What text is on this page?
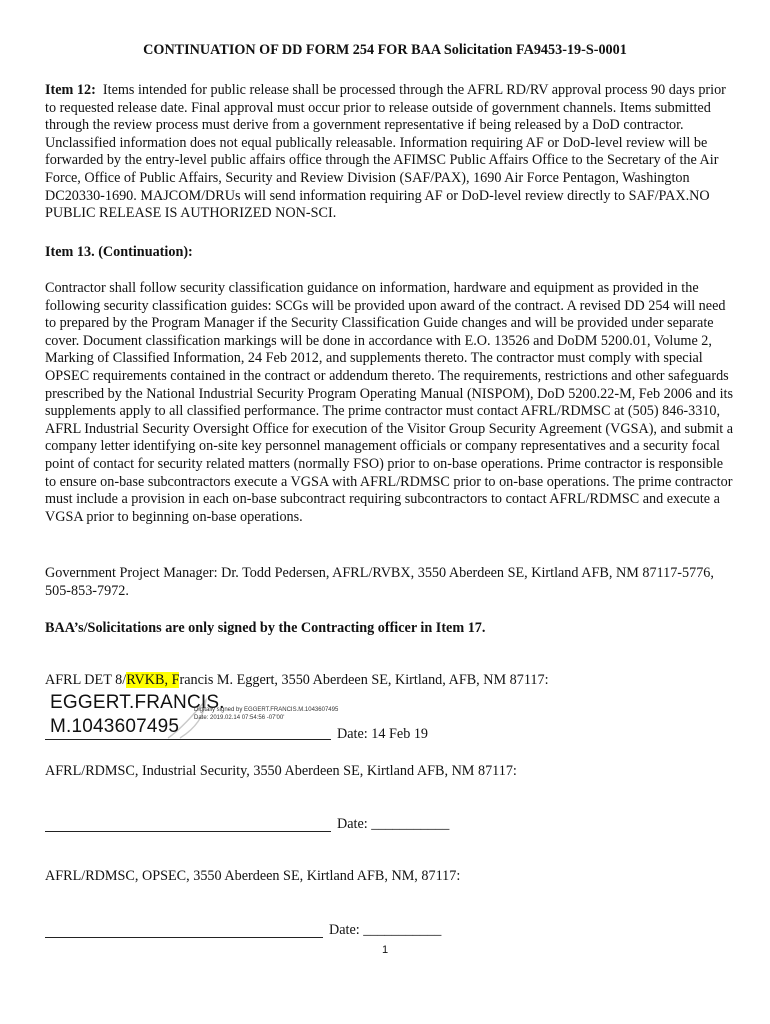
CONTINUATION OF DD FORM 254 FOR BAA Solicitation FA9453-19-S-0001

Item 12: Items intended for public release shall be processed through the AFRL RD/RV approval process 90 days prior to requested release date. Final approval must occur prior to release outside of government channels. Items submitted through the review process must derive from a government representative if being released by a DoD contractor. Unclassified information does not equal publically releasable. Information requiring AF or DoD-level review will be forwarded by the entry-level public affairs office through the AFIMSC Public Affairs Office to the Secretary of the Air Force, Office of Public Affairs, Security and Review Division (SAF/PAX), 1690 Air Force Pentagon, Washington DC20330-1690. MAJCOM/DRUs will send information requiring AF or DoD-level review directly to SAF/PAX.NO PUBLIC RELEASE IS AUTHORIZED NON-SCI.

Item 13. (Continuation):

Contractor shall follow security classification guidance on information, hardware and equipment as provided in the following security classification guides: SCGs will be provided upon award of the contract. A revised DD 254 will need to prepared by the Program Manager if the Security Classification Guide changes and will be provided under separate cover. Document classification markings will be done in accordance with E.O. 13526 and DoDM 5200.01, Volume 2, Marking of Classified Information, 24 Feb 2012, and supplements thereto. The contractor must comply with special OPSEC requirements contained in the contract or addendum thereto. The requirements, restrictions and other safeguards prescribed by the National Industrial Security Program Operating Manual (NISPOM), DoD 5200.22-M, Feb 2006 and its supplements apply to all classified performance. The prime contractor must contact AFRL/RDMSC at (505) 846-3310, AFRL Industrial Security Oversight Office for execution of the Visitor Group Security Agreement (VGSA), and submit a company letter identifying on-site key personnel management officials or company representatives and a security focal point of contact for security related matters (normally FSO) prior to on-base operations. Prime contractor is responsible to ensure on-base subcontractors execute a VGSA with AFRL/RDMSC prior to on-base operations. The prime contractor must include a provision in each on-base subcontract requiring subcontractors to contact AFRL/RDMSC and execute a VGSA prior to beginning on-base operations.

Government Project Manager: Dr. Todd Pedersen, AFRL/RVBX, 3550 Aberdeen SE, Kirtland AFB, NM 87117-5776, 505-853-7972.

BAA’s/Solicitations are only signed by the Contracting officer in Item 17.

AFRL DET 8/RVKB, Francis M. Eggert, 3550 Aberdeen SE, Kirtland, AFB, NM 87117:

EGGERT.FRANCIS.
M.1043607495
Digitally signed by EGGERT.FRANCIS.M.1043607495
Date: 2019.02.14 07:54:56 -07'00'
Date: 14 Feb 19

AFRL/RDMSC, Industrial Security, 3550 Aberdeen SE, Kirtland AFB, NM 87117:

Date: ___________

AFRL/RDMSC, OPSEC, 3550 Aberdeen SE, Kirtland AFB, NM, 87117:

Date: ___________
1
